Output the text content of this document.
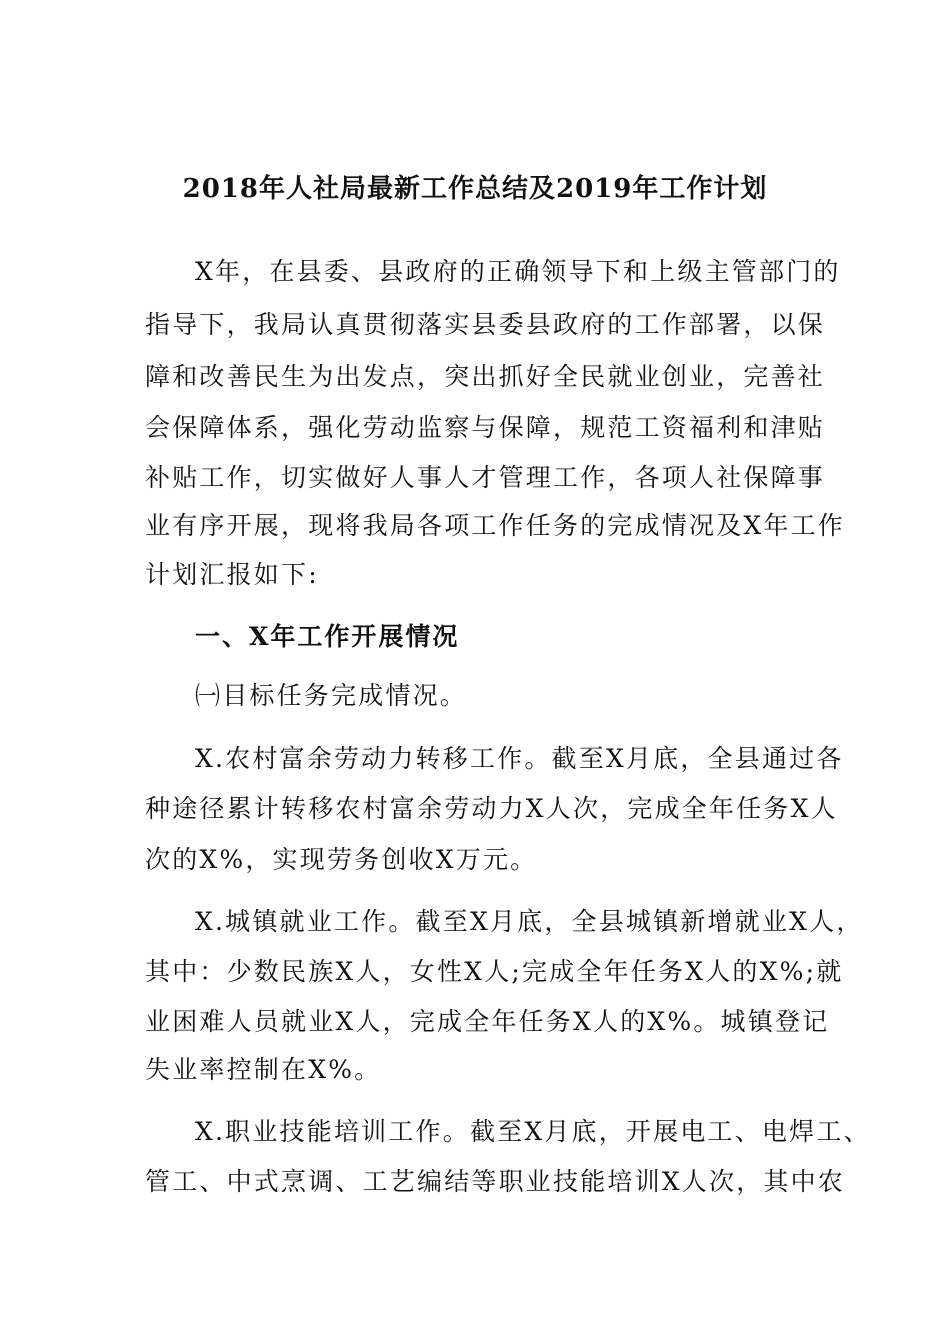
2018年人社局最新工作总结及2019年工作计划
X年，在县委、县政府的正确领导下和上级主管部门的
指导下，我局认真贯彻落实县委县政府的工作部署，以保
障和改善民生为出发点，突出抓好全民就业创业，完善社
会保障体系，强化劳动监察与保障，规范工资福利和津贴
补贴工作，切实做好人事人才管理工作，各项人社保障事
业有序开展，现将我局各项工作任务的完成情况及X年工作
计划汇报如下:
一、X年工作开展情况
㈠目标任务完成情况。
X.农村富余劳动力转移工作。截至X月底，全县通过各
种途径累计转移农村富余劳动力X人次，完成全年任务X人
次的X%，实现劳务创收X万元。
X.城镇就业工作。截至X月底，全县城镇新增就业X人，
其中：少数民族X人，女性X人;完成全年任务X人的X%;就
业困难人员就业X人，完成全年任务X人的X%。城镇登记
失业率控制在X%。
X.职业技能培训工作。截至X月底，开展电工、电焊工、
管工、中式烹调、工艺编结等职业技能培训X人次，其中农
